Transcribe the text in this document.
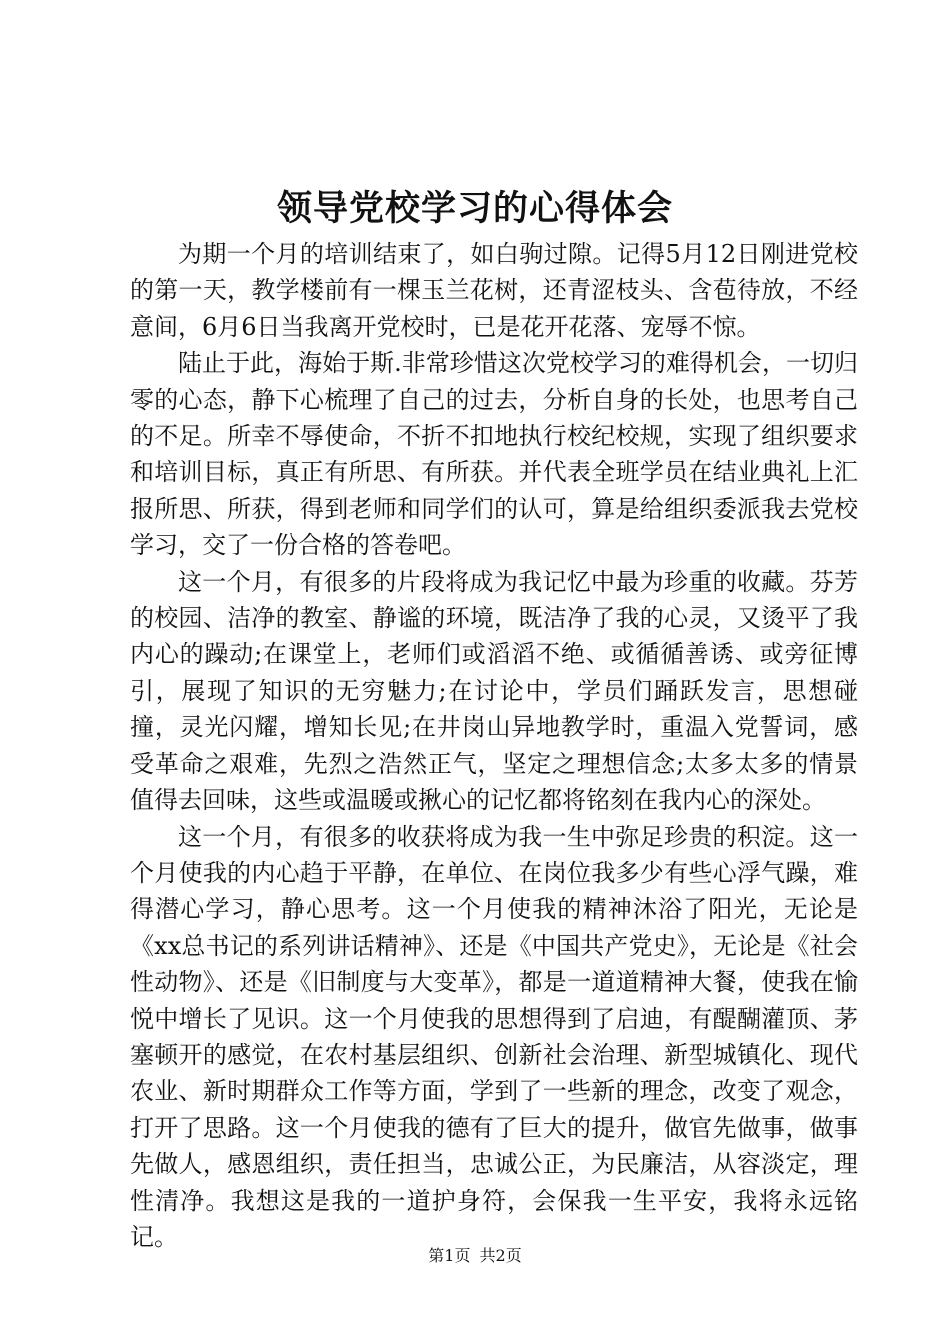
领导党校学习的心得体会

为期一个月的培训结束了，如白驹过隙。记得5月12日刚进党校的第一天，教学楼前有一棵玉兰花树，还青涩枝头、含苞待放，不经意间，6月6日当我离开党校时，已是花开花落、宠辱不惊。

陆止于此，海始于斯.非常珍惜这次党校学习的难得机会，一切归零的心态，静下心梳理了自己的过去，分析自身的长处，也思考自己的不足。所幸不辱使命，不折不扣地执行校纪校规，实现了组织要求和培训目标，真正有所思、有所获。并代表全班学员在结业典礼上汇报所思、所获，得到老师和同学们的认可，算是给组织委派我去党校学习，交了一份合格的答卷吧。

这一个月，有很多的片段将成为我记忆中最为珍重的收藏。芬芳的校园、洁净的教室、静谧的环境，既洁净了我的心灵，又烫平了我内心的躁动;在课堂上，老师们或滔滔不绝、或循循善诱、或旁征博引，展现了知识的无穷魅力;在讨论中，学员们踊跃发言，思想碰撞，灵光闪耀，增知长见;在井岗山异地教学时，重温入党誓词，感受革命之艰难，先烈之浩然正气，坚定之理想信念;太多太多的情景值得去回味，这些或温暖或揪心的记忆都将铭刻在我内心的深处。

这一个月，有很多的收获将成为我一生中弥足珍贵的积淀。这一个月使我的内心趋于平静，在单位、在岗位我多少有些心浮气躁，难得潜心学习，静心思考。这一个月使我的精神沐浴了阳光，无论是《xx总书记的系列讲话精神》、还是《中国共产党史》，无论是《社会性动物》、还是《旧制度与大变革》，都是一道道精神大餐，使我在愉悦中增长了见识。这一个月使我的思想得到了启迪，有醍醐灌顶、茅塞顿开的感觉，在农村基层组织、创新社会治理、新型城镇化、现代农业、新时期群众工作等方面，学到了一些新的理念，改变了观念，打开了思路。这一个月使我的德有了巨大的提升，做官先做事，做事先做人，感恩组织，责任担当，忠诚公正，为民廉洁，从容淡定，理性清净。我想这是我的一道护身符，会保我一生平安，我将永远铭记。

第1页 共2页
